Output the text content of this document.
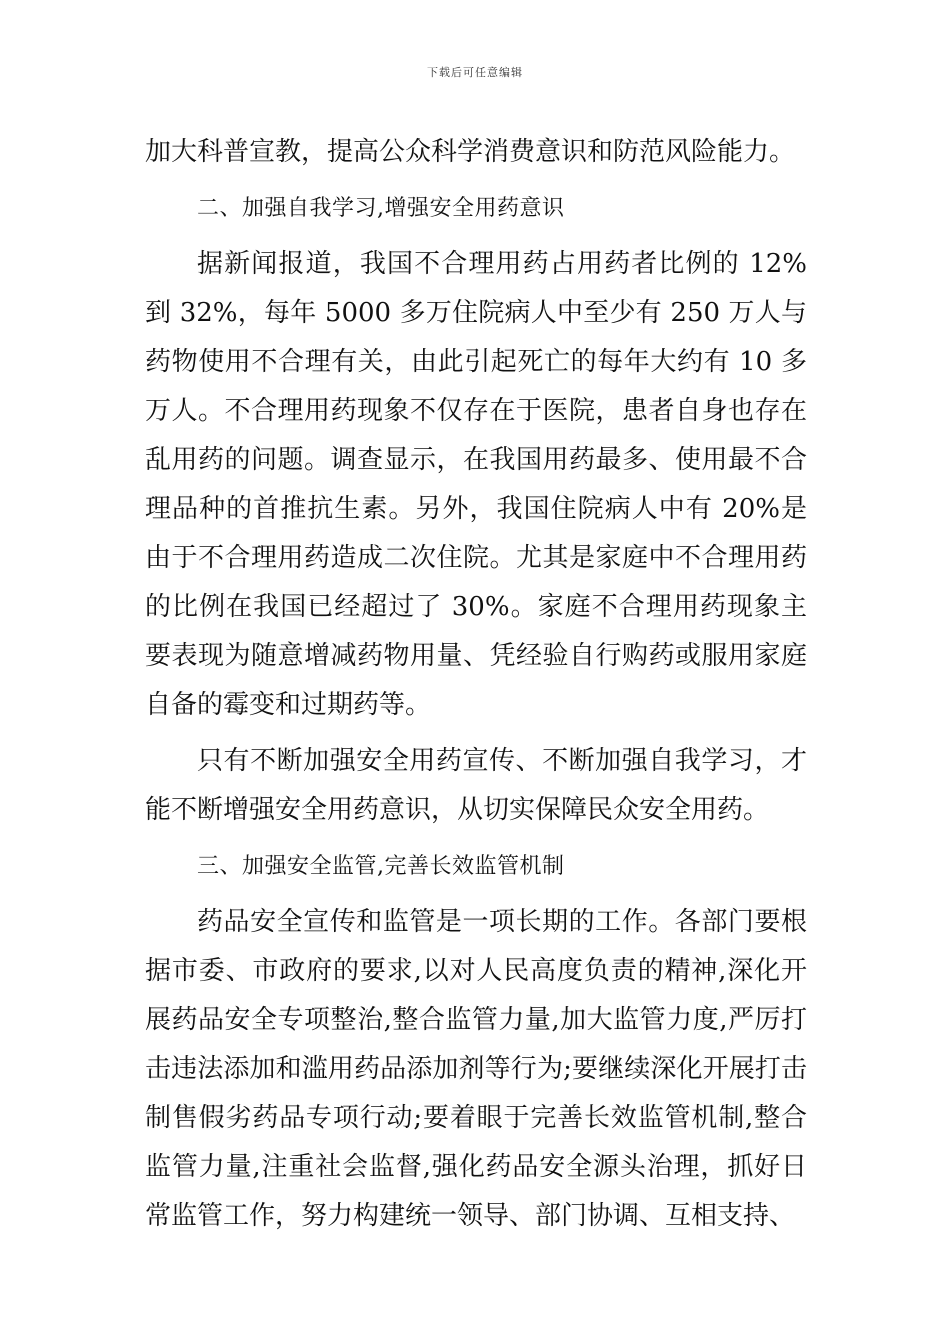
下载后可任意编辑

加大科普宣教，提高公众科学消费意识和防范风险能力。

二、加强自我学习,增强安全用药意识

据新闻报道，我国不合理用药占用药者比例的 12%到 32%，每年 5000 多万住院病人中至少有 250 万人与药物使用不合理有关，由此引起死亡的每年大约有 10 多万人。不合理用药现象不仅存在于医院，患者自身也存在乱用药的问题。调查显示，在我国用药最多、使用最不合理品种的首推抗生素。另外，我国住院病人中有 20%是由于不合理用药造成二次住院。尤其是家庭中不合理用药的比例在我国已经超过了 30%。家庭不合理用药现象主要表现为随意增减药物用量、凭经验自行购药或服用家庭自备的霉变和过期药等。

只有不断加强安全用药宣传、不断加强自我学习，才能不断增强安全用药意识，从切实保障民众安全用药。

三、加强安全监管,完善长效监管机制

药品安全宣传和监管是一项长期的工作。各部门要根据市委、市政府的要求,以对人民高度负责的精神,深化开展药品安全专项整治,整合监管力量,加大监管力度,严厉打击违法添加和滥用药品添加剂等行为;要继续深化开展打击制售假劣药品专项行动;要着眼于完善长效监管机制,整合监管力量,注重社会监督,强化药品安全源头治理，抓好日常监管工作，努力构建统一领导、部门协调、互相支持、
